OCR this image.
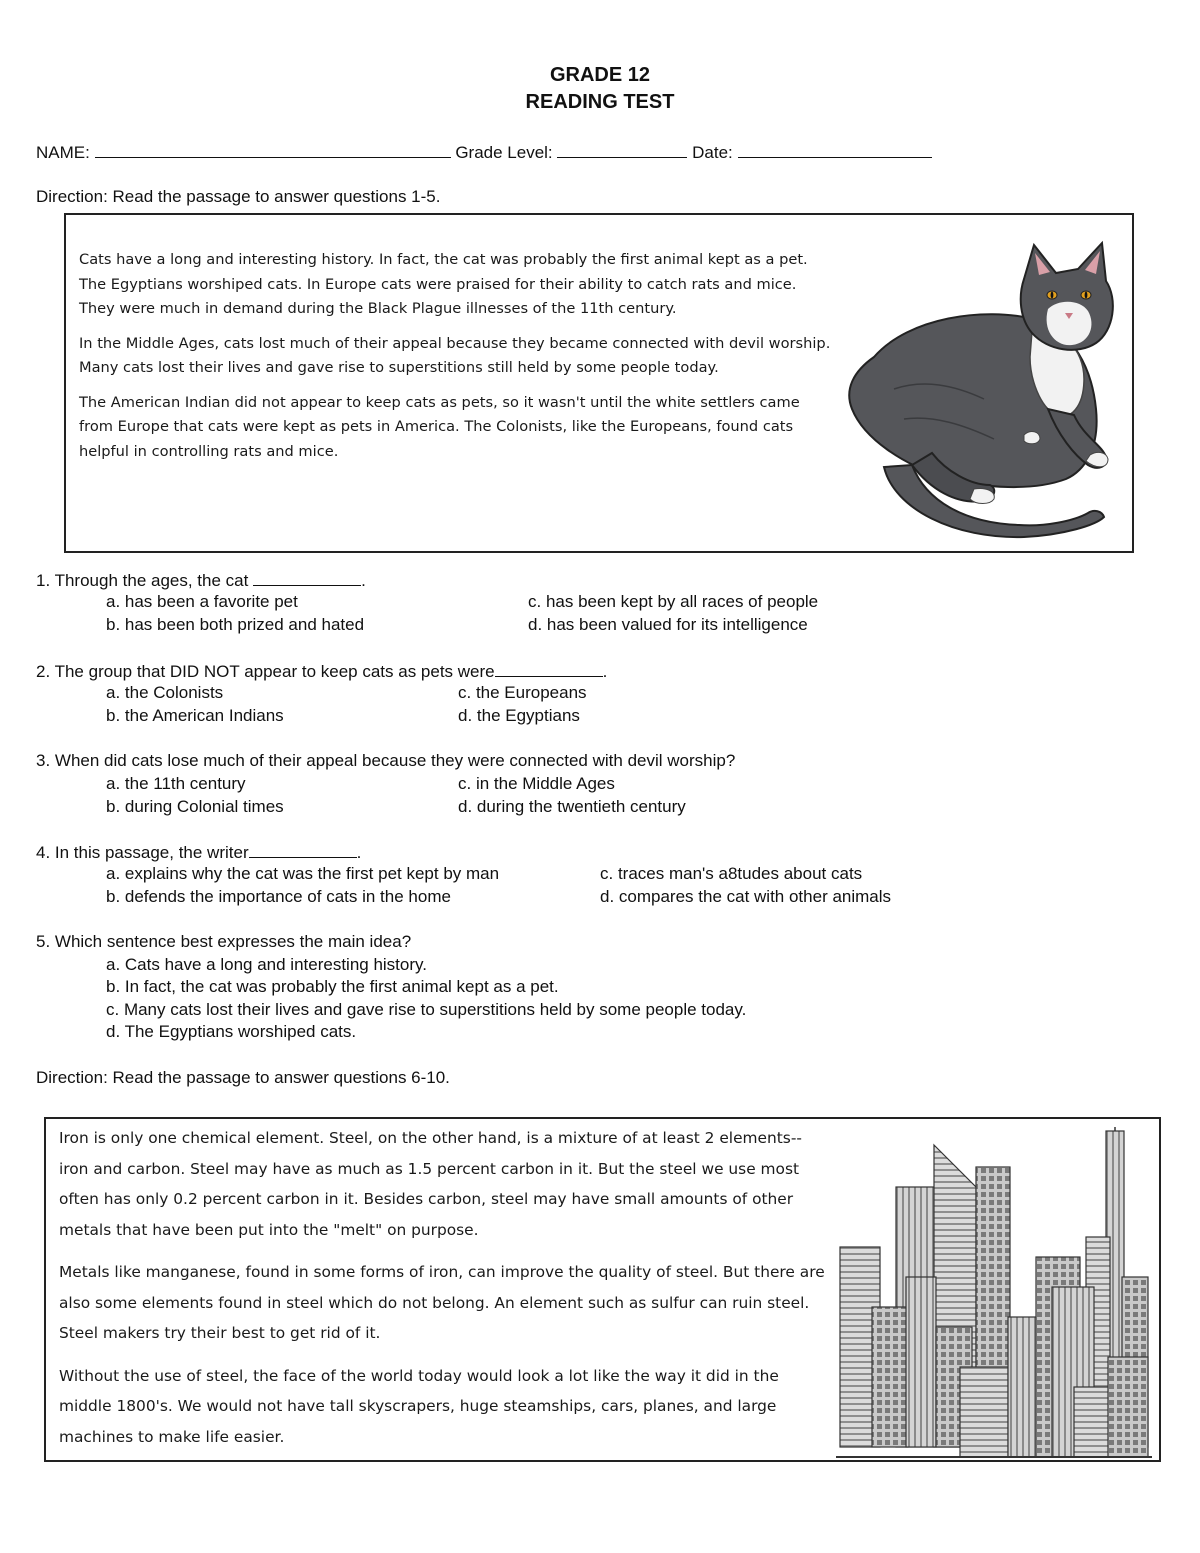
GRADE 12
READING TEST
NAME:	Grade Level:	Date:
Direction: Read the passage to answer questions 1-5.

Cats have a long and interesting history. In fact, the cat was probably the first animal kept as a pet. The Egyptians worshiped cats. In Europe cats were praised for their ability to catch rats and mice. They were much in demand during the Black Plague illnesses of the 11th century.

In the Middle Ages, cats lost much of their appeal because they became connected with devil worship. Many cats lost their lives and gave rise to superstitions still held by some people today.

The American Indian did not appear to keep cats as pets, so it wasn't until the white settlers came from Europe that cats were kept as pets in America. The Colonists, like the Europeans, found cats helpful in controlling rats and mice.

1. Through the ages, the cat	.
a. has been a favorite pet
b. has been both prized and hated
c. has been kept by all races of people
d. has been valued for its intelligence
2. The group that DID NOT appear to keep cats as pets were	.
a. the Colonists
b. the American Indians
c. the Europeans
d. the Egyptians
3. When did cats lose much of their appeal because they were connected with devil worship?
a. the 11th century
b. during Colonial times
c. in the Middle Ages
d. during the twentieth century
4. In this passage, the writer	.
a. explains why the cat was the first pet kept by man
b. defends the importance of cats in the home
c. traces man's a8tudes about cats
d. compares the cat with other animals
5. Which sentence best expresses the main idea?
a. Cats have a long and interesting history.
b. In fact, the cat was probably the first animal kept as a pet.
c. Many cats lost their lives and gave rise to superstitions held by some people today.
d. The Egyptians worshiped cats.
Direction: Read the passage to answer questions 6-10.

Iron is only one chemical element. Steel, on the other hand, is a mixture of at least 2 elements--iron and carbon. Steel may have as much as 1.5 percent carbon in it. But the steel we use most often has only 0.2 percent carbon in it. Besides carbon, steel may have small amounts of other metals that have been put into the "melt" on purpose.

Metals like manganese, found in some forms of iron, can improve the quality of steel. But there are also some elements found in steel which do not belong. An element such as sulfur can ruin steel. Steel makers try their best to get rid of it.

Without the use of steel, the face of the world today would look a lot like the way it did in the middle 1800's. We would not have tall skyscrapers, huge steamships, cars, planes, and large machines to make life easier.
